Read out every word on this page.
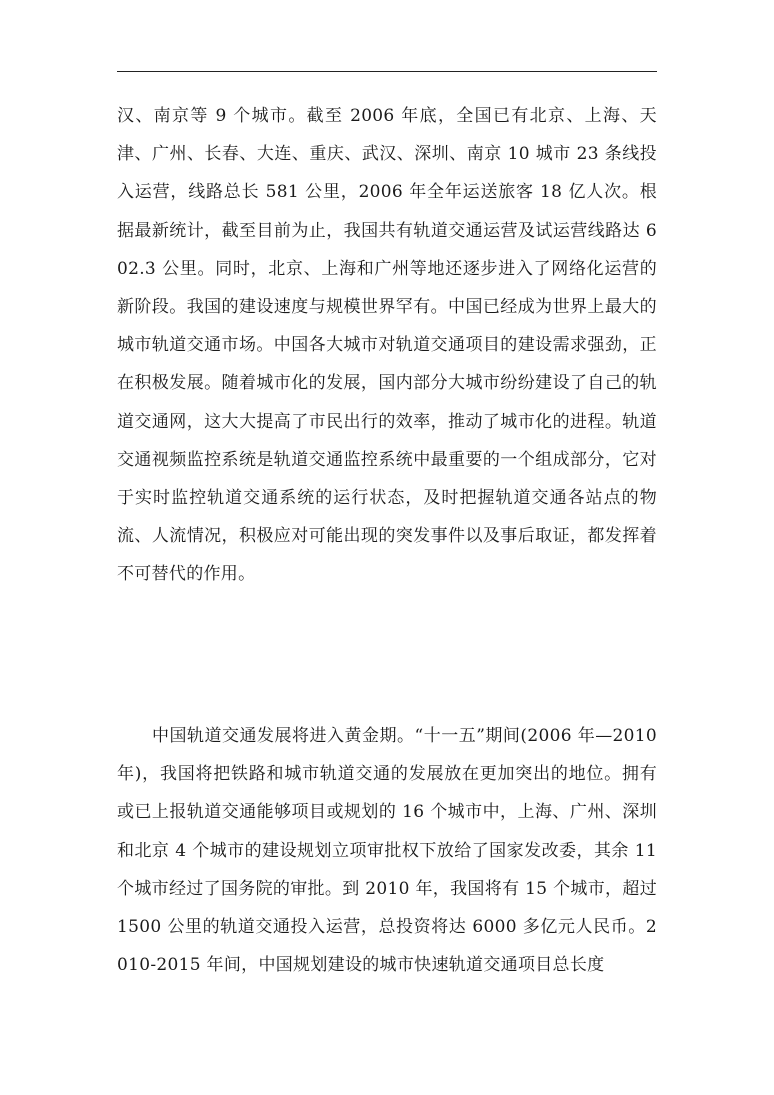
汉、南京等 9 个城市。截至 2006 年底，全国已有北京、上海、天津、广州、长春、大连、重庆、武汉、深圳、南京 10 城市 23 条线投入运营，线路总长 581 公里，2006 年全年运送旅客 18 亿人次。根据最新统计，截至目前为止，我国共有轨道交通运营及试运营线路达 602.3 公里。同时，北京、上海和广州等地还逐步进入了网络化运营的新阶段。我国的建设速度与规模世界罕有。中国已经成为世界上最大的城市轨道交通市场。中国各大城市对轨道交通项目的建设需求强劲，正在积极发展。随着城市化的发展，国内部分大城市纷纷建设了自己的轨道交通网，这大大提高了市民出行的效率，推动了城市化的进程。轨道交通视频监控系统是轨道交通监控系统中最重要的一个组成部分，它对于实时监控轨道交通系统的运行状态，及时把握轨道交通各站点的物流、人流情况，积极应对可能出现的突发事件以及事后取证，都发挥着不可替代的作用。

中国轨道交通发展将进入黄金期。“十一五”期间(2006 年—2010 年)，我国将把铁路和城市轨道交通的发展放在更加突出的地位。拥有或已上报轨道交通能够项目或规划的 16 个城市中，上海、广州、深圳和北京 4 个城市的建设规划立项审批权下放给了国家发改委，其余 11 个城市经过了国务院的审批。到 2010 年，我国将有 15 个城市，超过 1500 公里的轨道交通投入运营，总投资将达 6000 多亿元人民币。2010-2015 年间，中国规划建设的城市快速轨道交通项目总长度
